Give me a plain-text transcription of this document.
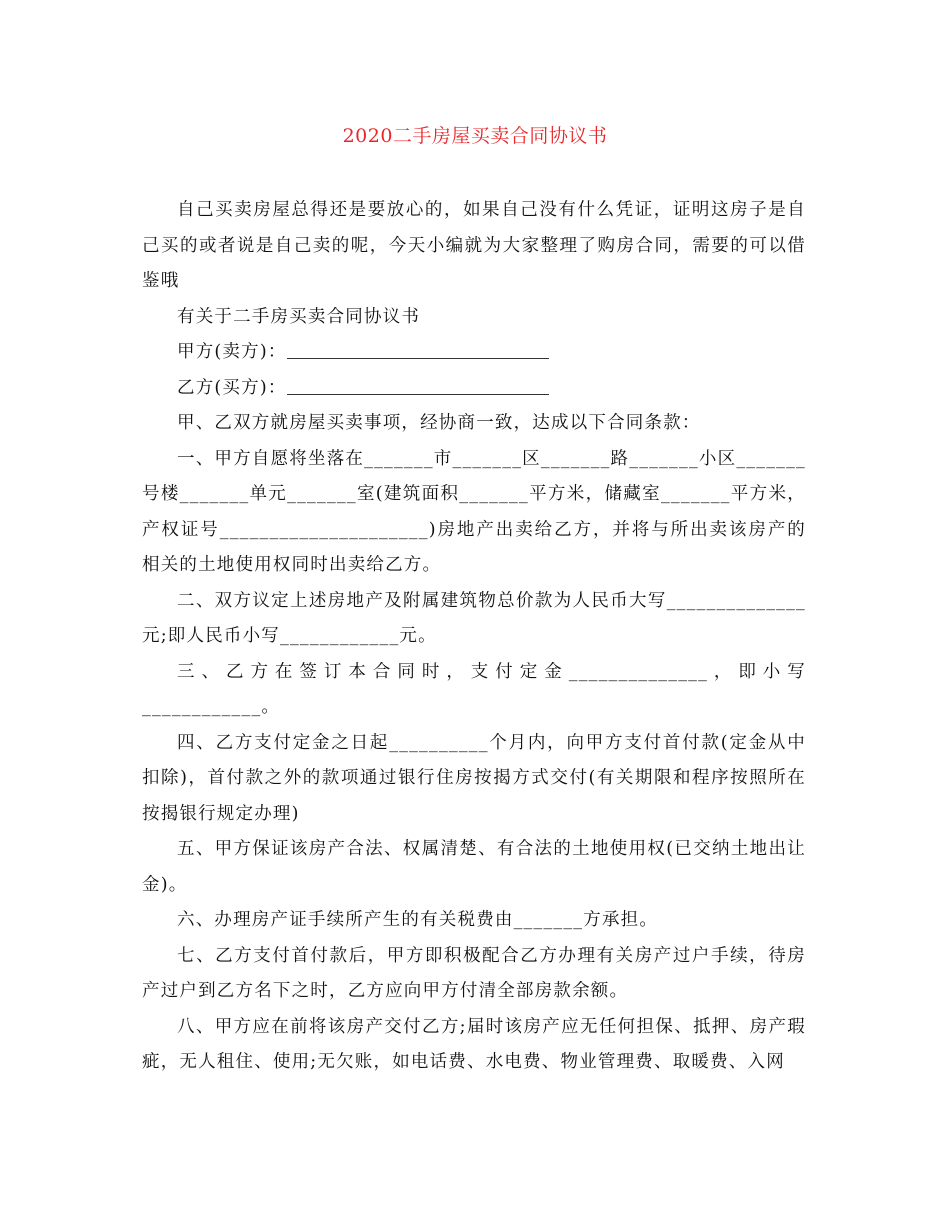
2020二手房屋买卖合同协议书

自己买卖房屋总得还是要放心的，如果自己没有什么凭证，证明这房子是自己买的或者说是自己卖的呢，今天小编就为大家整理了购房合同，需要的可以借鉴哦

有关于二手房买卖合同协议书

甲方(卖方)：

乙方(买方)：

甲、乙双方就房屋买卖事项，经协商一致，达成以下合同条款：

一、甲方自愿将坐落在_______市_______区_______路_______小区_______号楼_______单元_______室(建筑面积_______平方米，储藏室_______平方米，产权证号_____________________)房地产出卖给乙方，并将与所出卖该房产的相关的土地使用权同时出卖给乙方。

二、双方议定上述房地产及附属建筑物总价款为人民币大写______________元;即人民币小写____________元。

三、乙方在签订本合同时，支付定金______________，即小写____________。

四、乙方支付定金之日起__________个月内，向甲方支付首付款(定金从中扣除)，首付款之外的款项通过银行住房按揭方式交付(有关期限和程序按照所在按揭银行规定办理)

五、甲方保证该房产合法、权属清楚、有合法的土地使用权(已交纳土地出让金)。

六、办理房产证手续所产生的有关税费由_______方承担。

七、乙方支付首付款后，甲方即积极配合乙方办理有关房产过户手续，待房产过户到乙方名下之时，乙方应向甲方付清全部房款余额。

八、甲方应在前将该房产交付乙方;届时该房产应无任何担保、抵押、房产瑕疵，无人租住、使用;无欠账，如电话费、水电费、物业管理费、取暖费、入网
